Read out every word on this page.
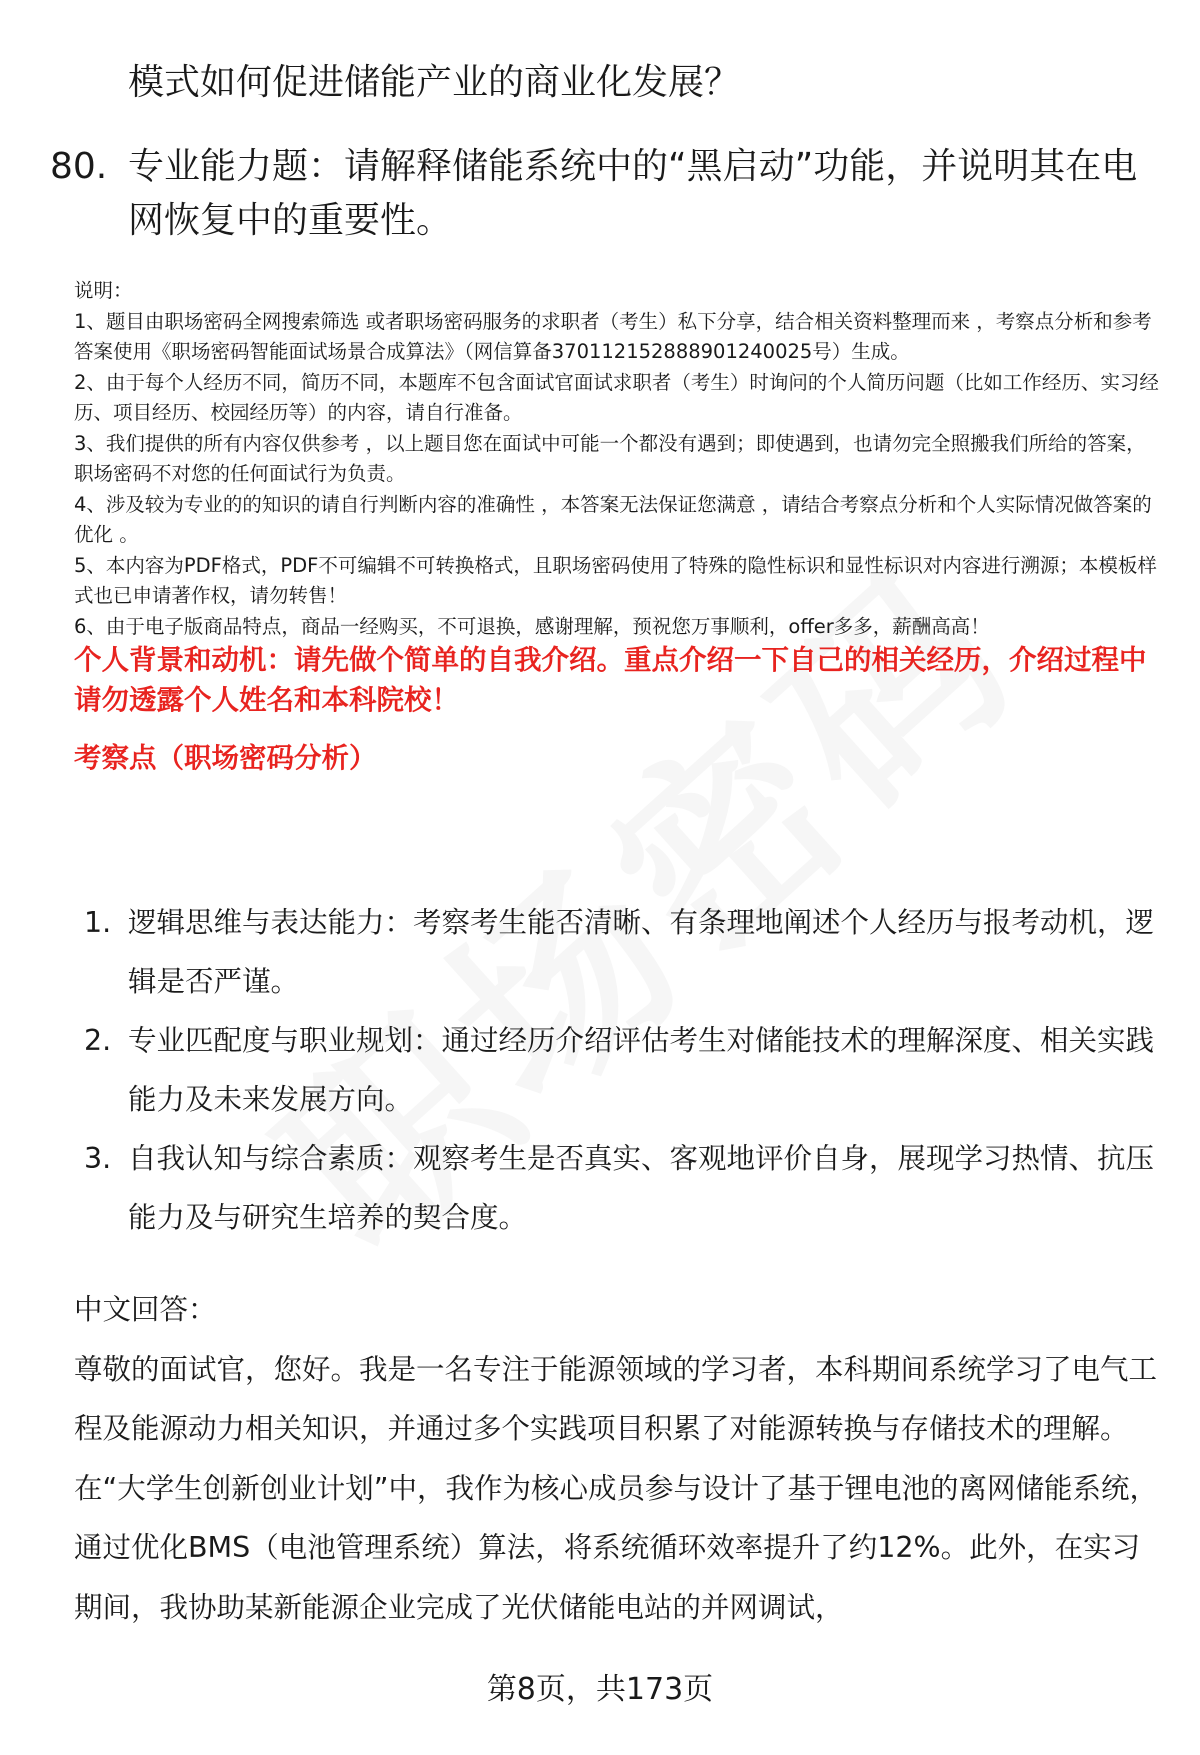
模式如何促进储能产业的商业化发展？
80. 专业能力题：请解释储能系统中的“黑启动”功能，并说明其在电网恢复中的重要性。

说明：

1、题目由职场密码全网搜索筛选 或者职场密码服务的求职者（考生）私下分享，结合相关资料整理而来 ，考察点分析和参考答案使用《职场密码智能面试场景合成算法》（网信算备370112152888901240025号）生成。

2、由于每个人经历不同，简历不同，本题库不包含面试官面试求职者（考生）时询问的个人简历问题（比如工作经历、实习经历、项目经历、校园经历等）的内容，请自行准备。

3、我们提供的所有内容仅供参考 ，以上题目您在面试中可能一个都没有遇到；即使遇到，也请勿完全照搬我们所给的答案，职场密码不对您的任何面试行为负责。

4、涉及较为专业的的知识的请自行判断内容的准确性 ，本答案无法保证您满意 ，请结合考察点分析和个人实际情况做答案的优化 。

5、本内容为PDF格式，PDF不可编辑不可转换格式，且职场密码使用了特殊的隐性标识和显性标识对内容进行溯源；本模板样式也已申请著作权，请勿转售！

6、由于电子版商品特点，商品一经购买，不可退换，感谢理解，预祝您万事顺利，offer多多，薪酬高高！

个人背景和动机：请先做个简单的自我介绍。重点介绍一下自己的相关经历，介绍过程中请勿透露个人姓名和本科院校！

考察点（职场密码分析）

1. 逻辑思维与表达能力：考察考生能否清晰、有条理地阐述个人经历与报考动机，逻辑是否严谨。
2. 专业匹配度与职业规划：通过经历介绍评估考生对储能技术的理解深度、相关实践能力及未来发展方向。
3. 自我认知与综合素质：观察考生是否真实、客观地评价自身，展现学习热情、抗压能力及与研究生培养的契合度。

中文回答：

尊敬的面试官，您好。我是一名专注于能源领域的学习者，本科期间系统学习了电气工程及能源动力相关知识，并通过多个实践项目积累了对能源转换与存储技术的理解。在“大学生创新创业计划”中，我作为核心成员参与设计了基于锂电池的离网储能系统，通过优化BMS（电池管理系统）算法，将系统循环效率提升了约12%。此外，在实习期间，我协助某新能源企业完成了光伏储能电站的并网调试，

第8页，共173页
